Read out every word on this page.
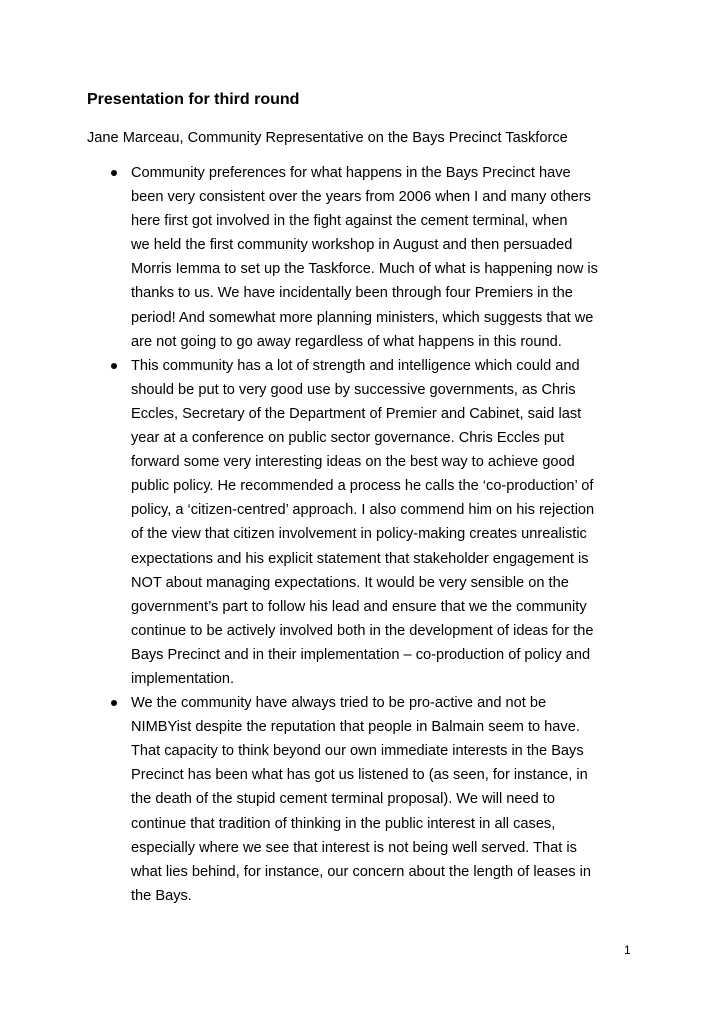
Presentation for third round

Jane Marceau, Community Representative on the Bays Precinct Taskforce

Community preferences for what happens in the Bays Precinct have
been very consistent over the years from 2006 when I and many others
here first got involved in the fight against the cement terminal, when
we held the first community workshop in August and then persuaded
Morris Iemma to set up the Taskforce. Much of what is happening now is
thanks to us. We have incidentally been through four Premiers in the
period! And somewhat more planning ministers, which suggests that we
are not going to go away regardless of what happens in this round.
This community has a lot of strength and intelligence which could and
should be put to very good use by successive governments, as Chris
Eccles, Secretary of the Department of Premier and Cabinet, said last
year at a conference on public sector governance. Chris Eccles put
forward some very interesting ideas on the best way to achieve good
public policy. He recommended a process he calls the ‘co-production’ of
policy, a ‘citizen-centred’ approach. I also commend him on his rejection
of the view that citizen involvement in policy-making creates unrealistic
expectations and his explicit statement that stakeholder engagement is
NOT about managing expectations. It would be very sensible on the
government’s part to follow his lead and ensure that we the community
continue to be actively involved both in the development of ideas for the
Bays Precinct and in their implementation – co-production of policy and
implementation.
We the community have always tried to be pro-active and not be
NIMBYist despite the reputation that people in Balmain seem to have.
That capacity to think beyond our own immediate interests in the Bays
Precinct has been what has got us listened to (as seen, for instance, in
the death of the stupid cement terminal proposal). We will need to
continue that tradition of thinking in the public interest in all cases,
especially where we see that interest is not being well served. That is
what lies behind, for instance, our concern about the length of leases in
the Bays.
1
